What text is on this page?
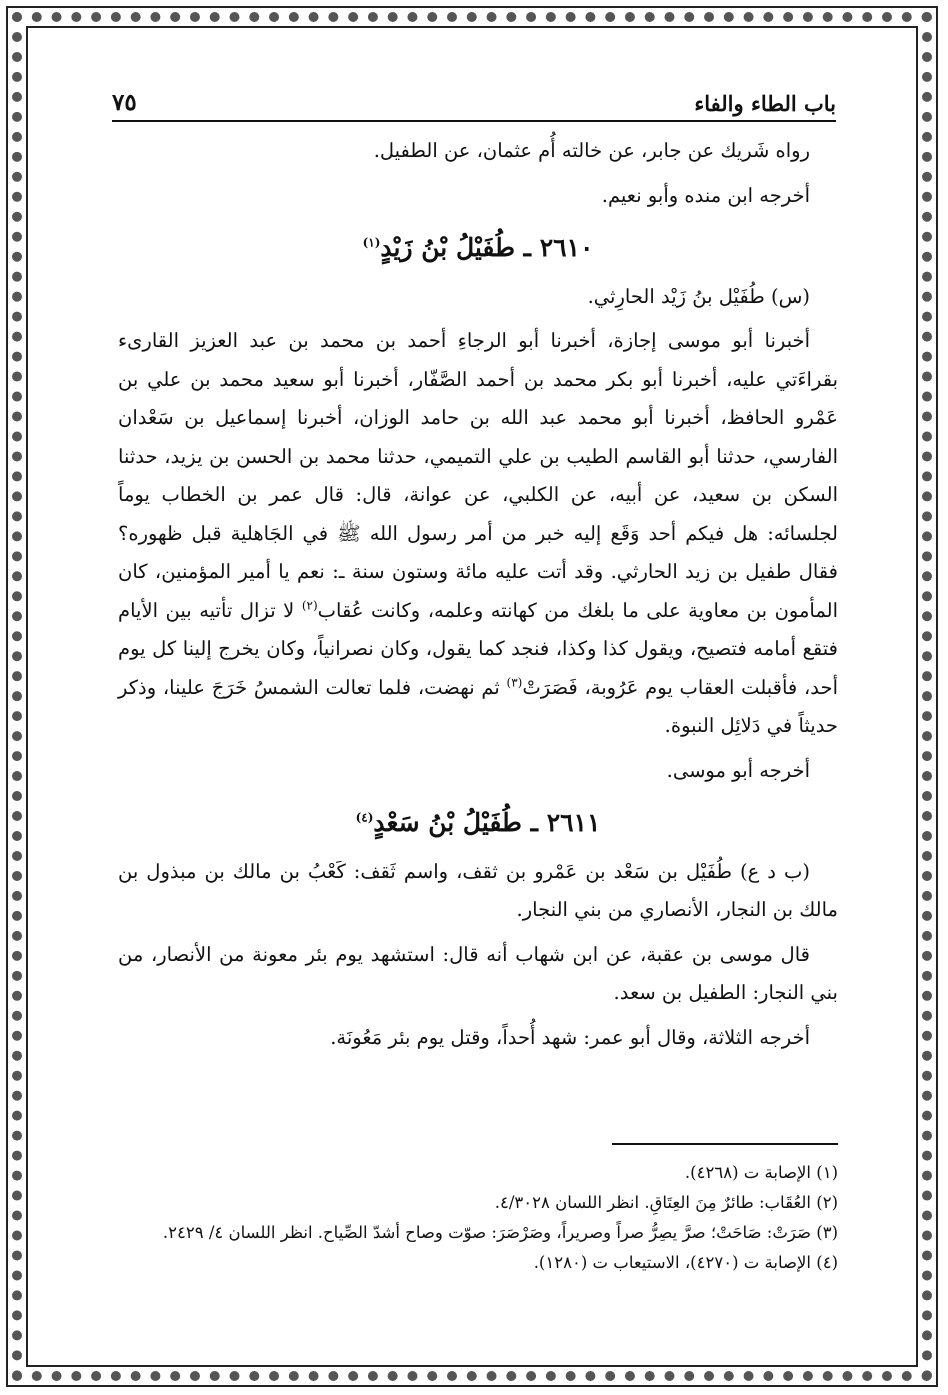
باب الطاء والفاء
٧٥

رواه شَريك عن جابر، عن خالته أُم عثمان، عن الطفيل.

أخرجه ابن منده وأبو نعيم.

٢٦١٠ ـ طُفَيْلُ بْنُ زَيْدٍ$^{(١)}$

(س) طُفَيْل بنُ زَيْد الحارِثي.

أخبرنا أبو موسى إجازة، أخبرنا أبو الرجاءِ أحمد بن محمد بن عبد العزيز القارىء بقراءَتي عليه، أخبرنا أبو بكر محمد بن أحمد الصَّفّار، أخبرنا أبو سعيد محمد بن علي بن عَمْرو الحافظ، أخبرنا أبو محمد عبد الله بن حامد الوزان، أخبرنا إسماعيل بن سَعْدان الفارسي، حدثنا أبو القاسم الطيب بن علي التميمي، حدثنا محمد بن الحسن بن يزيد، حدثنا السكن بن سعيد، عن أبيه، عن الكلبي، عن عوانة، قال: قال عمر بن الخطاب يوماً لجلسائه: هل فيكم أحد وَقَع إليه خبر من أمر رسول الله ﷺ في الجَاهلية قبل ظهوره؟ فقال طفيل بن زيد الحارثي. وقد أتت عليه مائة وستون سنة ـ: نعم يا أمير المؤمنين، كان المأمون بن معاوية على ما بلغك من كهانته وعلمه، وكانت عُقاب$^{(٢)}$ لا تزال تأتيه بين الأيام فتقع أمامه فتصيح، ويقول كذا وكذا، فنجد كما يقول، وكان نصرانياً، وكان يخرج إلينا كل يوم أحد، فأقبلت العقاب يوم عَرُوبة، فَصَرَتْ$^{(٣)}$ ثم نهضت، فلما تعالت الشمسُ خَرَجَ علينا، وذكر حديثاً في دَلائِل النبوة.

أخرجه أبو موسى.

٢٦١١ ـ طُفَيْلُ بْنُ سَعْدٍ$^{(٤)}$

(ب د ع) طُفَيْل بن سَعْد بن عَمْرو بن ثقف، واسم ثَقف: كَعْبُ بن مالك بن مبذول بن مالك بن النجار، الأنصاري من بني النجار.

قال موسى بن عقبة، عن ابن شهاب أنه قال: استشهد يوم بئر معونة من الأنصار، من بني النجار: الطفيل بن سعد.

أخرجه الثلاثة، وقال أبو عمر: شهد أُحداً، وقتل يوم بئر مَعُونَة.

(١) الإصابة ت (٤٢٦٨).

(٢) العُقَاب: طائرٌ مِنَ العِتَاقِ. انظر اللسان ٤/٣٠٢٨.

(٣) صَرَتْ: صَاحَتْ؛ صرَّ يصِرُّ صراً وصريراً، وصَرْصَرَ: صوّت وصاح أشدّ الصِّياح. انظر اللسان ٤/ ٢٤٢٩.

(٤) الإصابة ت (٤٢٧٠)، الاستيعاب ت (١٢٨٠).
